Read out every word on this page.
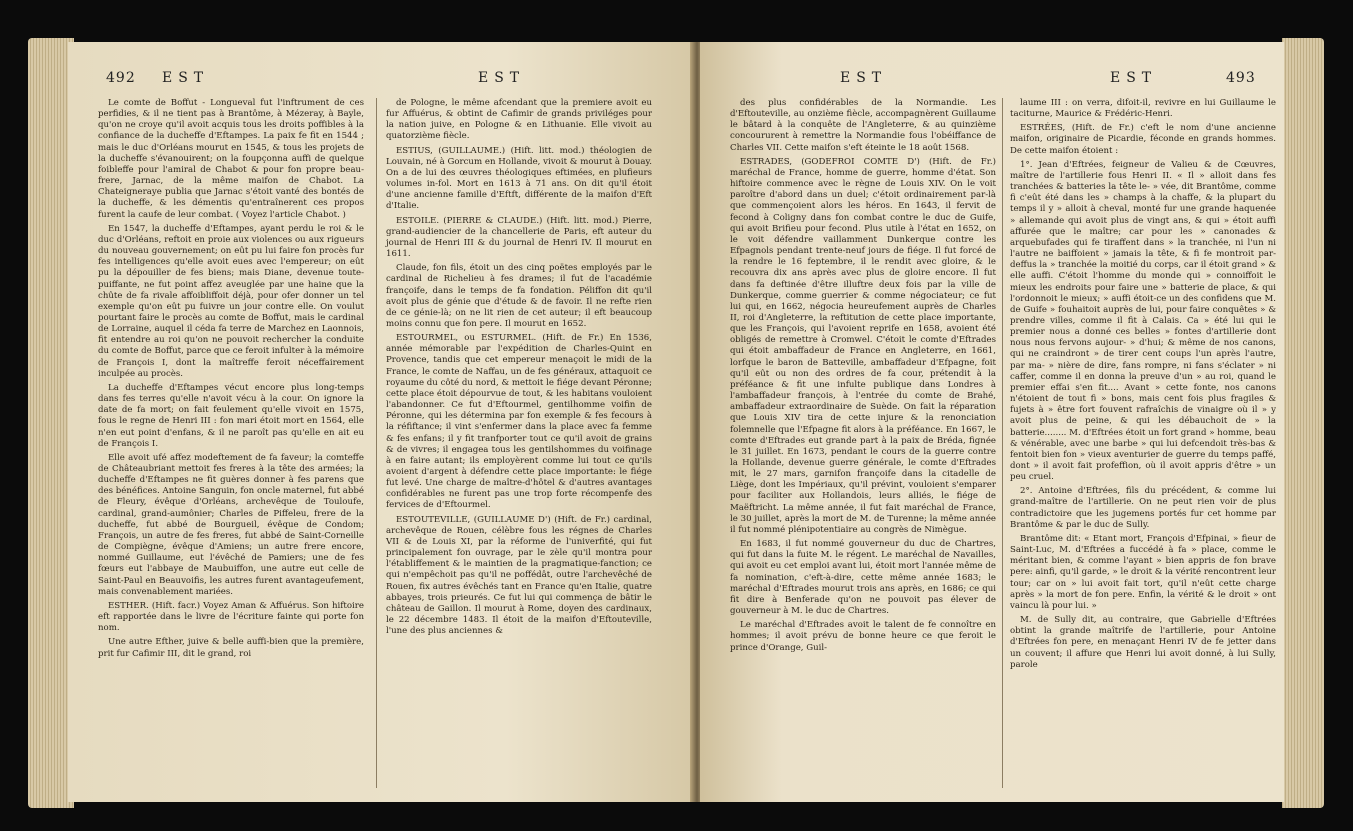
492 EST	EST

Le comte de Boffut - Longueval fut l'inftrument de ces perfidies, & il ne tient pas à Brantôme, à Mézeray, à Bayle, qu'on ne croye qu'il avoit acquis tous les droits poffibles à la confiance de la ducheffe d'Eftampes. La paix fe fit en 1544 ; mais le duc d'Orléans mourut en 1545, & tous les projets de la ducheffe s'évanouirent; on la foupçonna auffi de quelque foibleffe pour l'amiral de Chabot & pour fon propre beau-frere, Jarnac, de la même maifon de Chabot. La Chateigneraye publia que Jarnac s'étoit vanté des bontés de la ducheffe, & les démentis qu'entraînerent ces propos furent la caufe de leur combat. ( Voyez l'article Chabot. )

En 1547, la ducheffe d'Eftampes, ayant perdu le roi & le duc d'Orléans, reftoit en proie aux violences ou aux rigueurs du nouveau gouvernement; on eût pu lui faire fon procès fur fes intelligences qu'elle avoit eues avec l'empereur; on eût pu la dépouiller de fes biens; mais Diane, devenue toute-puiffante, ne fut point affez aveuglée par une haine que la chûte de fa rivale affoibliffoit déjà, pour ofer donner un tel exemple qu'on eût pu fuivre un jour contre elle. On voulut pourtant faire le procès au comte de Boffut, mais le cardinal de Lorraine, auquel il céda fa terre de Marchez en Laonnois, fit entendre au roi qu'on ne pouvoit rechercher la conduite du comte de Boffut, parce que ce feroit infulter à la mémoire de François I, dont la maîtreffe feroit néceffairement inculpée au procès.

La ducheffe d'Eftampes vécut encore plus long-temps dans fes terres qu'elle n'avoit vécu à la cour. On ignore la date de fa mort; on fait feulement qu'elle vivoit en 1575, fous le regne de Henri III : fon mari étoit mort en 1564, elle n'en eut point d'enfans, & il ne paroît pas qu'elle en ait eu de François I.

Elle avoit ufé affez modeftement de fa faveur; la comteffe de Châteaubriant mettoit fes freres à la tête des armées; la ducheffe d'Eftampes ne fit guères donner à fes parens que des bénéfices. Antoine Sanguin, fon oncle maternel, fut abbé de Fleury, évêque d'Orléans, archevêque de Touloufe, cardinal, grand-aumônier; Charles de Piffeleu, frere de la ducheffe, fut abbé de Bourgueil, évêque de Condom; François, un autre de fes freres, fut abbé de Saint-Corneille de Compiègne, évêque d'Amiens; un autre frere encore, nommé Guillaume, eut l'évêché de Pamiers; une de fes fœurs eut l'abbaye de Maubuiffon, une autre eut celle de Saint-Paul en Beauvoifis, les autres furent avantageufement, mais convenablement mariées.

ESTHER. (Hift. facr.) Voyez Aman & Affuérus. Son hiftoire eft rapportée dans le livre de l'écriture fainte qui porte fon nom.

Une autre Efther, juive & belle auffi-bien que la première, prit fur Cafimir III, dit le grand, roi

de Pologne, le même afcendant que la premiere avoit eu fur Affuérus, & obtint de Cafimir de grands priviléges pour la nation juive, en Pologne & en Lithuanie. Elle vivoit au quatorzième fiècle.

ESTIUS, (GUILLAUME.) (Hift. litt. mod.) théologien de Louvain, né à Gorcum en Hollande, vivoit & mourut à Douay. On a de lui des œuvres théologiques eftimées, en plufieurs volumes in-fol. Mort en 1613 à 71 ans. On dit qu'il étoit d'une ancienne famille d'Eftft, différente de la maifon d'Eft d'Italie.

ESTOILE. (PIERRE & CLAUDE.) (Hift. litt. mod.) Pierre, grand-audiencier de la chancellerie de Paris, eft auteur du journal de Henri III & du journal de Henri IV. Il mourut en 1611.

Claude, fon fils, étoit un des cinq poëtes employés par le cardinal de Richelieu à fes drames; il fut de l'académie françoife, dans le temps de fa fondation. Péliffon dit qu'il avoit plus de génie que d'étude & de favoir. Il ne refte rien de ce génie-là; on ne lit rien de cet auteur; il eft beaucoup moins connu que fon pere. Il mourut en 1652.

ESTOURMEL, ou ESTURMEL. (Hift. de Fr.) En 1536, année mémorable par l'expédition de Charles-Quint en Provence, tandis que cet empereur menaçoit le midi de la France, le comte de Naffau, un de fes généraux, attaquoit ce royaume du côté du nord, & mettoit le fiége devant Péronne; cette place étoit dépourvue de tout, & les habitans vouloient l'abandonner. Ce fut d'Eftourmel, gentilhomme voifin de Péronne, qui les détermina par fon exemple & fes fecours à la réfiftance; il vint s'enfermer dans la place avec fa femme & fes enfans; il y fit tranfporter tout ce qu'il avoit de grains & de vivres; il engagea tous les gentilshommes du voifinage à en faire autant; ils employèrent comme lui tout ce qu'ils avoient d'argent à défendre cette place importante: le fiége fut levé. Une charge de maître-d'hôtel & d'autres avantages confidérables ne furent pas une trop forte récompenfe des fervices de d'Eftourmel.

ESTOUTEVILLE, (GUILLAUME D') (Hift. de Fr.) cardinal, archevêque de Rouen, célèbre fous les régnes de Charles VII & de Louis XI, par la réforme de l'univerfité, qui fut principalement fon ouvrage, par le zèle qu'il montra pour l'établiffement & le maintien de la pragmatique-fanction; ce qui n'empêchoit pas qu'il ne poffédât, outre l'archevêché de Rouen, fix autres évêchés tant en France qu'en Italie, quatre abbayes, trois prieurés. Ce fut lui qui commença de bâtir le château de Gaillon. Il mourut à Rome, doyen des cardinaux, le 22 décembre 1483. Il étoit de la maifon d'Eftouteville, l'une des plus anciennes &

EST	EST	493

des plus confidérables de la Normandie. Les d'Eftouteville, au onzième fiècle, accompagnèrent Guillaume le bâtard à la conquête de l'Angleterre, & au quinzième concoururent à remettre la Normandie fous l'obéiffance de Charles VII. Cette maifon s'eft éteinte le 18 août 1568.

ESTRADES, (GODEFROI COMTE D') (Hift. de Fr.) maréchal de France, homme de guerre, homme d'état. Son hiftoire commence avec le règne de Louis XIV. On le voit paroître d'abord dans un duel; c'étoit ordinairement par-là que commençoient alors les héros. En 1643, il fervit de fecond à Coligny dans fon combat contre le duc de Guife, qui avoit Brifieu pour fecond. Plus utile à l'état en 1652, on le voit défendre vaillamment Dunkerque contre les Efpagnols pendant trente-neuf jours de fiége. Il fut forcé de la rendre le 16 feptembre, il le rendit avec gloire, & le recouvra dix ans après avec plus de gloire encore. Il fut dans fa deftinée d'être illuftre deux fois par la ville de Dunkerque, comme guerrier & comme négociateur; ce fut lui qui, en 1662, négocia heureufement auprès de Charles II, roi d'Angleterre, la reftitution de cette place importante, que les François, qui l'avoient reprife en 1658, avoient été obligés de remettre à Cromwel. C'étoit le comte d'Eftrades qui étoit ambaffadeur de France en Angleterre, en 1661, lorfque le baron de Batteville, ambaffadeur d'Efpagne, foit qu'il eût ou non des ordres de fa cour, prétendit à la préféance & fit une infulte publique dans Londres à l'ambaffadeur françois, à l'entrée du comte de Brahé, ambaffadeur extraordinaire de Suède. On fait la réparation que Louis XIV tira de cette injure & la renonciation folemnelle que l'Efpagne fit alors à la préféance. En 1667, le comte d'Eftrades eut grande part à la paix de Bréda, fignée le 31 juillet. En 1673, pendant le cours de la guerre contre la Hollande, devenue guerre générale, le comte d'Eftrades mit, le 27 mars, garnifon françoife dans la citadelle de Liège, dont les Impériaux, qu'il prévint, vouloient s'emparer pour faciliter aux Hollandois, leurs alliés, le fiége de Maëftricht. La même année, il fut fait maréchal de France, le 30 juillet, après la mort de M. de Turenne; la même année il fut nommé plénipotentiaire au congrès de Nimègue.

En 1683, il fut nommé gouverneur du duc de Chartres, qui fut dans la fuite M. le régent. Le maréchal de Navailles, qui avoit eu cet emploi avant lui, étoit mort l'année même de fa nomination, c'eft-à-dire, cette même année 1683; le maréchal d'Eftrades mourut trois ans après, en 1686; ce qui fit dire à Benferade qu'on ne pouvoit pas élever de gouverneur à M. le duc de Chartres.

Le maréchal d'Eftrades avoit le talent de fe connoître en hommes; il avoit prévu de bonne heure ce que feroit le prince d'Orange, Guil-

laume III : on verra, difoit-il, revivre en lui Guillaume le taciturne, Maurice & Frédéric-Henri.

ESTRÉES, (Hift. de Fr.) c'eft le nom d'une ancienne maifon, originaire de Picardie, féconde en grands hommes. De cette maifon étoient :

1°. Jean d'Eftrées, feigneur de Valieu & de Cœuvres, maître de l'artillerie fous Henri II. « Il » alloit dans fes tranchées & batteries la tête le- » vée, dit Brantôme, comme fi c'eût été dans les » champs à la chaffe, & la plupart du temps il y » alloit à cheval, monté fur une grande haquenée » allemande qui avoit plus de vingt ans, & qui » étoit auffi affurée que le maître; car pour les » canonades & arquebufades qui fe tiraffent dans » la tranchée, ni l'un ni l'autre ne baiffoient » jamais la tête, & fi fe montroit par-deffus la » tranchée la moitié du corps, car il étoit grand » & elle auffi. C'étoit l'homme du monde qui » connoiffoit le mieux les endroits pour faire une » batterie de place, & qui l'ordonnoit le mieux; » auffi étoit-ce un des confidens que M. de Guife » fouhaitoit auprès de lui, pour faire conquêtes » & prendre villes, comme il fit à Calais. Ca » été lui qui le premier nous a donné ces belles » fontes d'artillerie dont nous nous fervons aujour- » d'hui; & même de nos canons, qui ne craindront » de tirer cent coups l'un après l'autre, par ma- » nière de dire, fans rompre, ni fans s'éclater » ni caffer, comme il en donna la preuve d'un » au roi, quand le premier effai s'en fit.... Avant » cette fonte, nos canons n'étoient de tout fi » bons, mais cent fois plus fragiles & fujets à » être fort fouvent rafraîchis de vinaigre où il » y avoit plus de peine, & qui les débauchoit de » la batterie........ M. d'Eftrées étoit un fort grand » homme, beau & vénérable, avec une barbe » qui lui defcendoit très-bas & fentoit bien fon » vieux aventurier de guerre du temps paffé, dont » il avoit fait profeffion, où il avoit appris d'être » un peu cruel.

2°. Antoine d'Eftrées, fils du précédent, & comme lui grand-maître de l'artillerie. On ne peut rien voir de plus contradictoire que les jugemens portés fur cet homme par Brantôme & par le duc de Sully.

Brantôme dit: « Etant mort, François d'Efpinai, » fieur de Saint-Luc, M. d'Eftrées a fuccédé à fa » place, comme le méritant bien, & comme l'ayant » bien appris de fon brave pere: ainfi, qu'il garde, » le droit & la vérité rencontrent leur tour; car on » lui avoit fait tort, qu'il n'eût cette charge après » la mort de fon pere. Enfin, la vérité & le droit » ont vaincu là pour lui. »

M. de Sully dit, au contraire, que Gabrielle d'Eftrées obtint la grande maîtrife de l'artillerie, pour Antoine d'Eftrées fon pere, en menaçant Henri IV de fe jetter dans un couvent; il affure que Henri lui avoit donné, à lui Sully, parole
